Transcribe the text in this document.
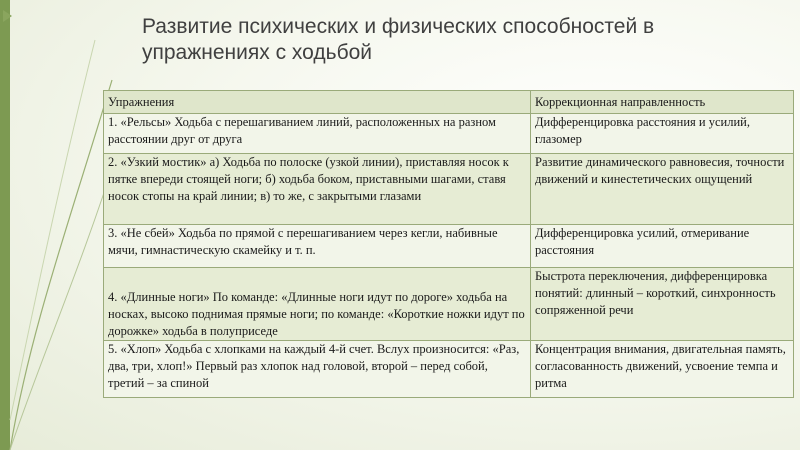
Развитие психических и физических способностей в упражнениях с ходьбой
Упражнения	Коррекционная направленность
1. «Рельсы» Ходьба с перешагиванием линий, расположенных на разном расстоянии друг от друга	Дифференцировка расстояния и усилий, глазомер
2. «Узкий мостик» а) Ходьба по полоске (узкой линии), приставляя носок к пятке впереди стоящей ноги; б) ходьба боком, приставными шагами, ставя носок стопы на край линии; в) то же, с закрытыми глазами	Развитие динамического равновесия, точности движений и кинестетических ощущений
3. «Не сбей» Ходьба по прямой с перешагиванием через кегли, набивные мячи, гимнастическую скамейку и т. п.	Дифференцировка усилий, отмеривание расстояния
4. «Длинные ноги» По команде: «Длинные ноги идут по дороге» ходьба на носках, высоко поднимая прямые ноги; по команде: «Короткие ножки идут по дорожке» ходьба в полуприседе	Быстрота переключения, дифференцировка понятий: длинный – короткий, синхронность сопряженной речи
5. «Хлоп» Ходьба с хлопками на каждый 4-й счет. Вслух произносится: «Раз, два, три, хлоп!» Первый раз хлопок над головой, второй – перед собой, третий – за спиной	Концентрация внимания, двигательная память, согласованность движений, усвоение темпа и ритма
